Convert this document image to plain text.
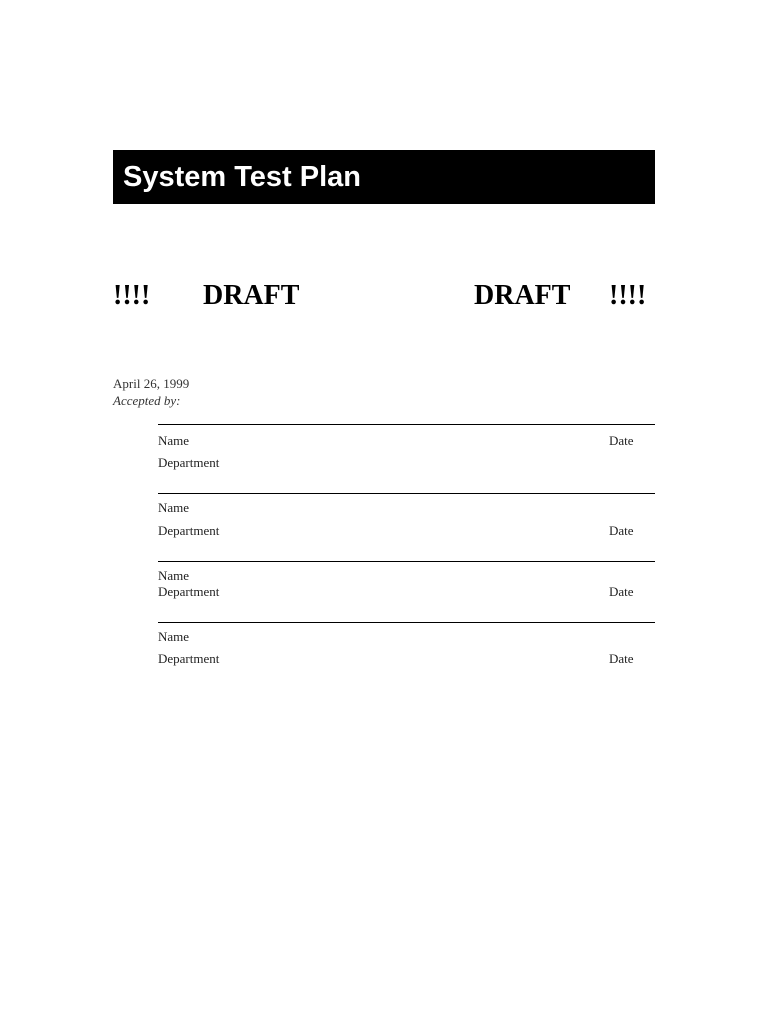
System Test Plan
!!!! DRAFT	DRAFT !!!!
April 26, 1999
Accepted by:
Name	Date
Department
Name
Department	Date
Name
Department	Date
Name
Department	Date
